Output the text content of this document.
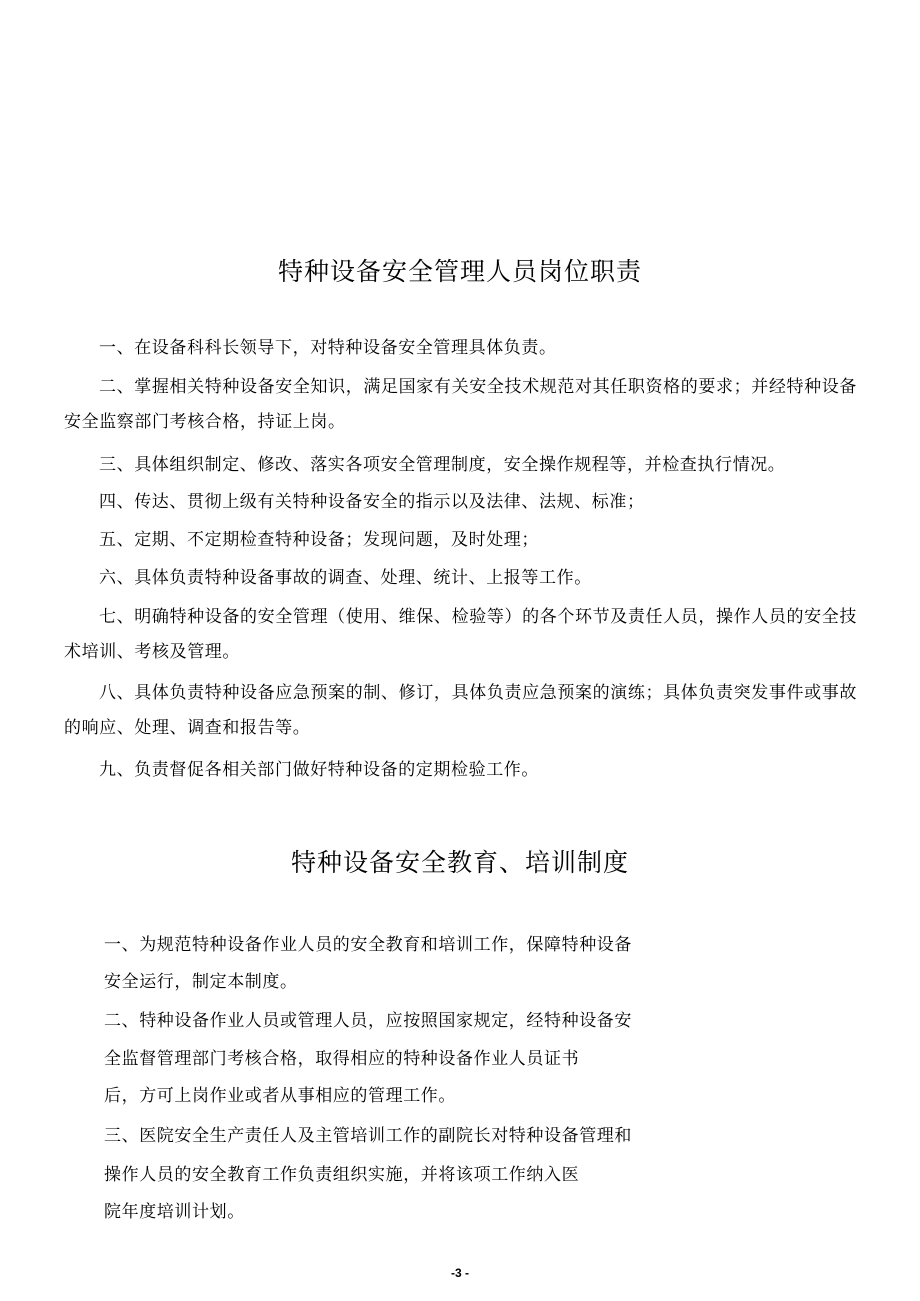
特种设备安全管理人员岗位职责

一、在设备科科长领导下，对特种设备安全管理具体负责。

二、掌握相关特种设备安全知识，满足国家有关安全技术规范对其任职资格的要求；并经特种设备安全监察部门考核合格，持证上岗。

三、具体组织制定、修改、落实各项安全管理制度，安全操作规程等，并检查执行情况。

四、传达、贯彻上级有关特种设备安全的指示以及法律、法规、标准；

五、定期、不定期检查特种设备；发现问题，及时处理；

六、具体负责特种设备事故的调查、处理、统计、上报等工作。

七、明确特种设备的安全管理（使用、维保、检验等）的各个环节及责任人员，操作人员的安全技术培训、考核及管理。

八、具体负责特种设备应急预案的制、修订，具体负责应急预案的演练；具体负责突发事件或事故的响应、处理、调查和报告等。

九、负责督促各相关部门做好特种设备的定期检验工作。

特种设备安全教育、培训制度

一、为规范特种设备作业人员的安全教育和培训工作，保障特种设备

安全运行，制定本制度。

二、特种设备作业人员或管理人员，应按照国家规定，经特种设备安

全监督管理部门考核合格，取得相应的特种设备作业人员证书

后，方可上岗作业或者从事相应的管理工作。

三、医院安全生产责任人及主管培训工作的副院长对特种设备管理和

操作人员的安全教育工作负责组织实施，并将该项工作纳入医

院年度培训计划。

-3 -
